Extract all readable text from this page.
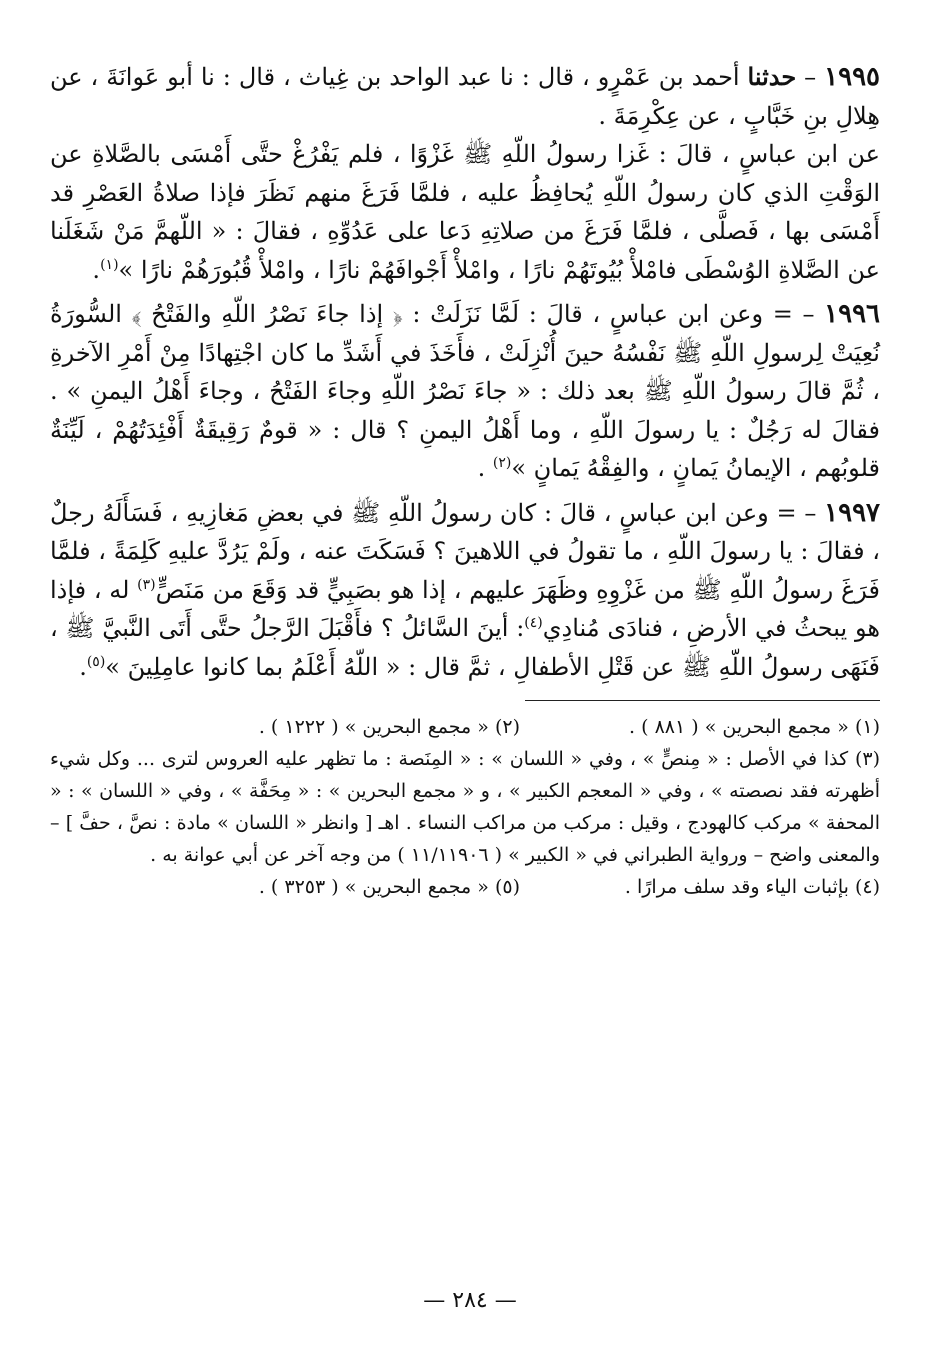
١٩٩٥ – حدثنا أحمد بن عَمْرٍو ، قال : نا عبد الواحد بن غِياث ، قال : نا أبو عَوانَةَ ، عن هِلالِ بنِ خَبَّابٍ ، عن عِكْرِمَةَ .
عن ابن عباسٍ ، قالَ : غَزا رسولُ اللّهِ ﷺ غَزْوًا ، فلم يَفْرُغْ حتَّى أَمْسَى بالصَّلاةِ عن الوَقْتِ الذي كان رسولُ اللّهِ يُحافِظُ عليه ، فلمَّا فَرَغَ منهم نَظَرَ فإذا صلاةُ العَصْرِ قد أَمْسَى بها ، فَصلَّى ، فلمَّا فَرَغَ من صلاتِهِ دَعا على عَدُوِّهِ ، فقالَ : « اللّهمَّ مَنْ شَغَلَنا عن الصَّلاةِ الوُسْطَى فامْلأْ بُيُوتَهُمْ نارًا ، وامْلأْ أَجْوافَهُمْ نارًا ، وامْلأْ قُبُورَهُمْ نارًا »$^{(١)}$.

١٩٩٦ – = وعن ابن عباسٍ ، قالَ : لَمَّا نَزَلَتْ : ﴿ إذا جاءَ نَصْرُ اللّهِ والفَتْحُ ﴾ السُّورَةُ نُعِيَتْ لِرسولِ اللّهِ ﷺ نَفْسُهُ حينَ أُنْزِلَتْ ، فأَخَذَ في أَشَدِّ ما كان اجْتِهادًا مِنْ أَمْرِ الآخرةِ ، ثُمَّ قالَ رسولُ اللّهِ ﷺ بعد ذلك : « جاءَ نَصْرُ اللّهِ وجاءَ الفَتْحُ ، وجاءَ أَهْلُ اليمنِ » . فقالَ له رَجُلٌ : يا رسولَ اللّهِ ، وما أَهْلُ اليمنِ ؟ قال : « قومٌ رَقِيقَةٌ أَفْئِدَتُهُمْ ، لَيِّنَةٌ قلوبُهم ، الإيمانُ يَمانٍ ، والفِقْهُ يَمانٍ »$^{(٢)}$ .

١٩٩٧ – = وعن ابن عباسٍ ، قالَ : كان رسولُ اللّهِ ﷺ في بعضِ مَغازِيهِ ، فَسَأَلَهُ رجلٌ ، فقالَ : يا رسولَ اللّهِ ، ما تقولُ في اللاهينَ ؟ فَسَكَتَ عنه ، ولَمْ يَرُدَّ عليهِ كَلِمَةً ، فلمَّا فَرَغَ رسولُ اللّهِ ﷺ من غَزْوِهِ وظَهَرَ عليهم ، إذا هو بصَبِيٍّ قد وَقَعَ من مَنَصٍّ$^{(٣)}$ له ، فإذا هو يبحثُ في الأرضِ ، فنادَى مُنادِي$^{(٤)}$: أينَ السَّائلُ ؟ فأَقْبَلَ الرَّجلُ حتَّى أَتَى النَّبيَّ ﷺ ، فَنَهَى رسولُ اللّهِ ﷺ عن قَتْلِ الأطفالِ ، ثمَّ قال : « اللّهُ أَعْلَمُ بما كانوا عامِلِينَ »$^{(٥)}$.

(١) « مجمع البحرين » ( ٨٨١ ) .
(٢) « مجمع البحرين » ( ١٢٢٢ ) .
(٣) كذا في الأصل : « مِنصٍّ » ، وفي « اللسان » : « المِنَصة : ما تظهر عليه العروس لترى ... وكل شيء أظهرته فقد نصصته » ، وفي « المعجم الكبير » ، و « مجمع البحرين » : « مِحَفَّة » ، وفي « اللسان » : « المحفة » مركب كالهودج ، وقيل : مركب من مراكب النساء . اهـ [ وانظر « اللسان » مادة : نصَّ ، حفَّ ] – والمعنى واضح – ورواية الطبراني في « الكبير » ( ١١/١١٩٠٦ ) من وجه آخر عن أبي عوانة به .
(٤) بإثبات الياء وقد سلف مرارًا .
(٥) « مجمع البحرين » ( ٣٢٥٣ ) .
— ٢٨٤ —
